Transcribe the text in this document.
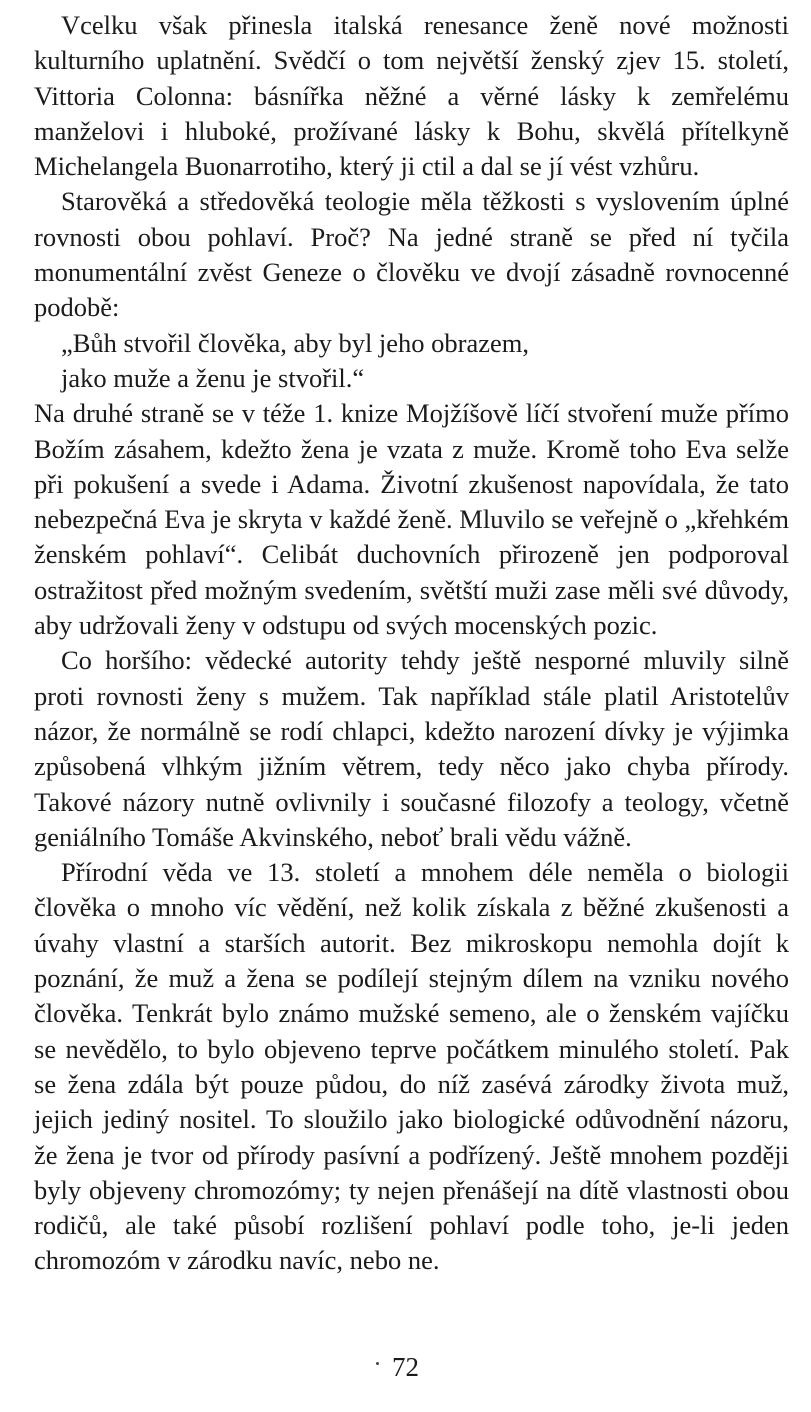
Vcelku však přinesla italská renesance ženě nové možnosti kulturního uplatnění. Svědčí o tom největší ženský zjev 15. století, Vittoria Colonna: básnířka něžné a věrné lásky k zemřelému manželovi i hluboké, prožívané lásky k Bohu, skvělá přítelkyně Michelangela Buonarrotiho, který ji ctil a dal se jí vést vzhůru.

Starověká a středověká teologie měla těžkosti s vyslovením úplné rovnosti obou pohlaví. Proč? Na jedné straně se před ní tyčila monumentální zvěst Geneze o člověku ve dvojí zásadně rovnocenné podobě:

„Bůh stvořil člověka, aby byl jeho obrazem,
jako muže a ženu je stvořil.“

Na druhé straně se v téže 1. knize Mojžíšově líčí stvoření muže přímo Božím zásahem, kdežto žena je vzata z muže. Kromě toho Eva selže při pokušení a svede i Adama. Životní zkušenost napovídala, že tato nebezpečná Eva je skryta v každé ženě. Mluvilo se veřejně o „křehkém ženském pohlaví“. Celibát duchovních přirozeně jen podporoval ostražitost před možným svedením, světští muži zase měli své důvody, aby udržovali ženy v odstupu od svých mocenských pozic.

Co horšího: vědecké autority tehdy ještě nesporné mluvily silně proti rovnosti ženy s mužem. Tak například stále platil Aristotelův názor, že normálně se rodí chlapci, kdežto narození dívky je výjimka způsobená vlhkým jižním větrem, tedy něco jako chyba přírody. Takové názory nutně ovlivnily i současné filozofy a teology, včetně geniálního Tomáše Akvinského, neboť brali vědu vážně.

Přírodní věda ve 13. století a mnohem déle neměla o biologii člověka o mnoho víc vědění, než kolik získala z běžné zkušenosti a úvahy vlastní a starších autorit. Bez mikroskopu nemohla dojít k poznání, že muž a žena se podílejí stejným dílem na vzniku nového člověka. Tenkrát bylo známo mužské semeno, ale o ženském vajíčku se nevědělo, to bylo objeveno teprve počátkem minulého století. Pak se žena zdála být pouze půdou, do níž zasévá zárodky života muž, jejich jediný nositel. To sloužilo jako biologické odůvodnění názoru, že žena je tvor od přírody pasívní a podřízený. Ještě mnohem později byly objeveny chromozómy; ty nejen přenášejí na dítě vlastnosti obou rodičů, ale také působí rozlišení pohlaví podle toho, je-li jeden chromozóm v zárodku navíc, nebo ne.

72
